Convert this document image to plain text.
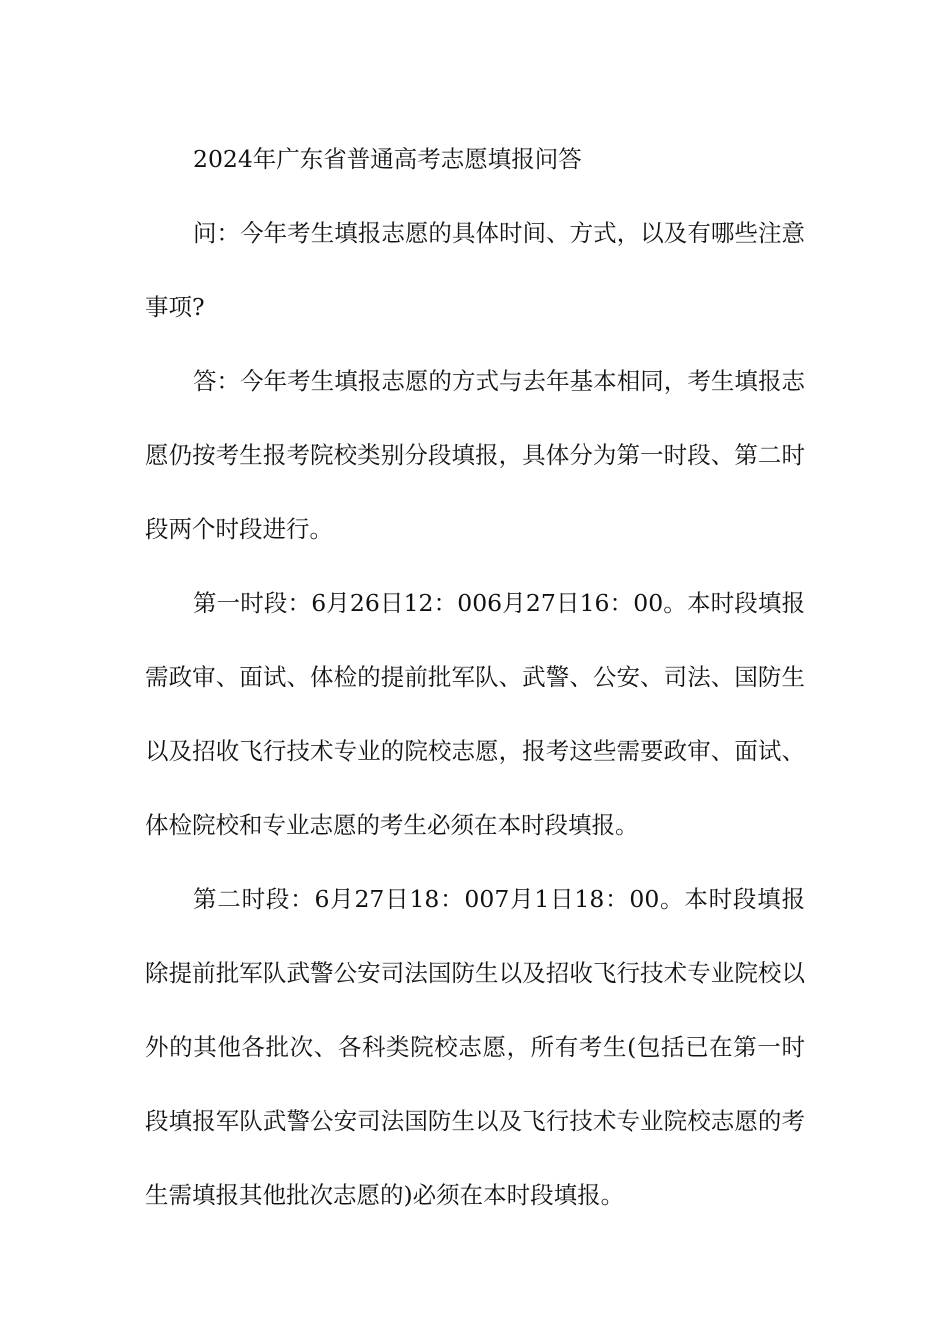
2024年广东省普通高考志愿填报问答

问：今年考生填报志愿的具体时间、方式，以及有哪些注意事项?

答：今年考生填报志愿的方式与去年基本相同，考生填报志愿仍按考生报考院校类别分段填报，具体分为第一时段、第二时段两个时段进行。

第一时段：6月26日12：006月27日16：00。本时段填报需政审、面试、体检的提前批军队、武警、公安、司法、国防生以及招收飞行技术专业的院校志愿，报考这些需要政审、面试、体检院校和专业志愿的考生必须在本时段填报。

第二时段：6月27日18：007月1日18：00。本时段填报除提前批军队武警公安司法国防生以及招收飞行技术专业院校以外的其他各批次、各科类院校志愿，所有考生(包括已在第一时段填报军队武警公安司法国防生以及飞行技术专业院校志愿的考生需填报其他批次志愿的)必须在本时段填报。
